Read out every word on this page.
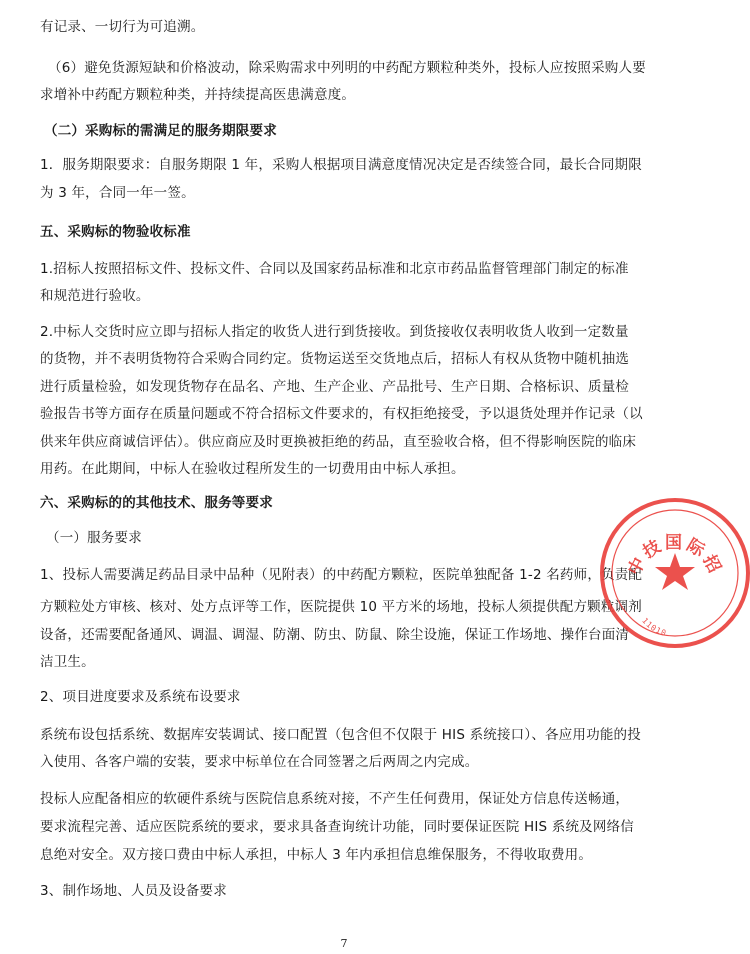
有记录、一切行为可追溯。
（6）避免货源短缺和价格波动，除采购需求中列明的中药配方颗粒种类外，投标人应按照采购人要
求增补中药配方颗粒种类，并持续提高医患满意度。
（二）采购标的需满足的服务期限要求
1．服务期限要求：自服务期限 1 年，采购人根据项目满意度情况决定是否续签合同，最长合同期限
为 3 年，合同一年一签。
五、采购标的物验收标准
1.招标人按照招标文件、投标文件、合同以及国家药品标准和北京市药品监督管理部门制定的标准
和规范进行验收。
2.中标人交货时应立即与招标人指定的收货人进行到货接收。到货接收仅表明收货人收到一定数量
的货物，并不表明货物符合采购合同约定。货物运送至交货地点后，招标人有权从货物中随机抽选
进行质量检验，如发现货物存在品名、产地、生产企业、产品批号、生产日期、合格标识、质量检
验报告书等方面存在质量问题或不符合招标文件要求的，有权拒绝接受，予以退货处理并作记录（以
供来年供应商诚信评估）。供应商应及时更换被拒绝的药品，直至验收合格，但不得影响医院的临床
用药。在此期间，中标人在验收过程所发生的一切费用由中标人承担。
六、采购标的的其他技术、服务等要求
（一）服务要求
1、投标人需要满足药品目录中品种（见附表）的中药配方颗粒，医院单独配备 1-2 名药师，负责配
方颗粒处方审核、核对、处方点评等工作，医院提供 10 平方米的场地，投标人须提供配方颗粒调剂
设备，还需要配备通风、调温、调湿、防潮、防虫、防鼠、除尘设施，保证工作场地、操作台面清
洁卫生。
2、项目进度要求及系统布设要求
系统布设包括系统、数据库安装调试、接口配置（包含但不仅限于 HIS 系统接口）、各应用功能的投
入使用、各客户端的安装，要求中标单位在合同签署之后两周之内完成。
投标人应配备相应的软硬件系统与医院信息系统对接，不产生任何费用，保证处方信息传送畅通，
要求流程完善、适应医院系统的要求，要求具备查询统计功能，同时要保证医院 HIS 系统及网络信
息绝对安全。双方接口费由中标人承担，中标人 3 年内承担信息维保服务，不得收取费用。
3、制作场地、人员及设备要求
中技国际招
11010
7
